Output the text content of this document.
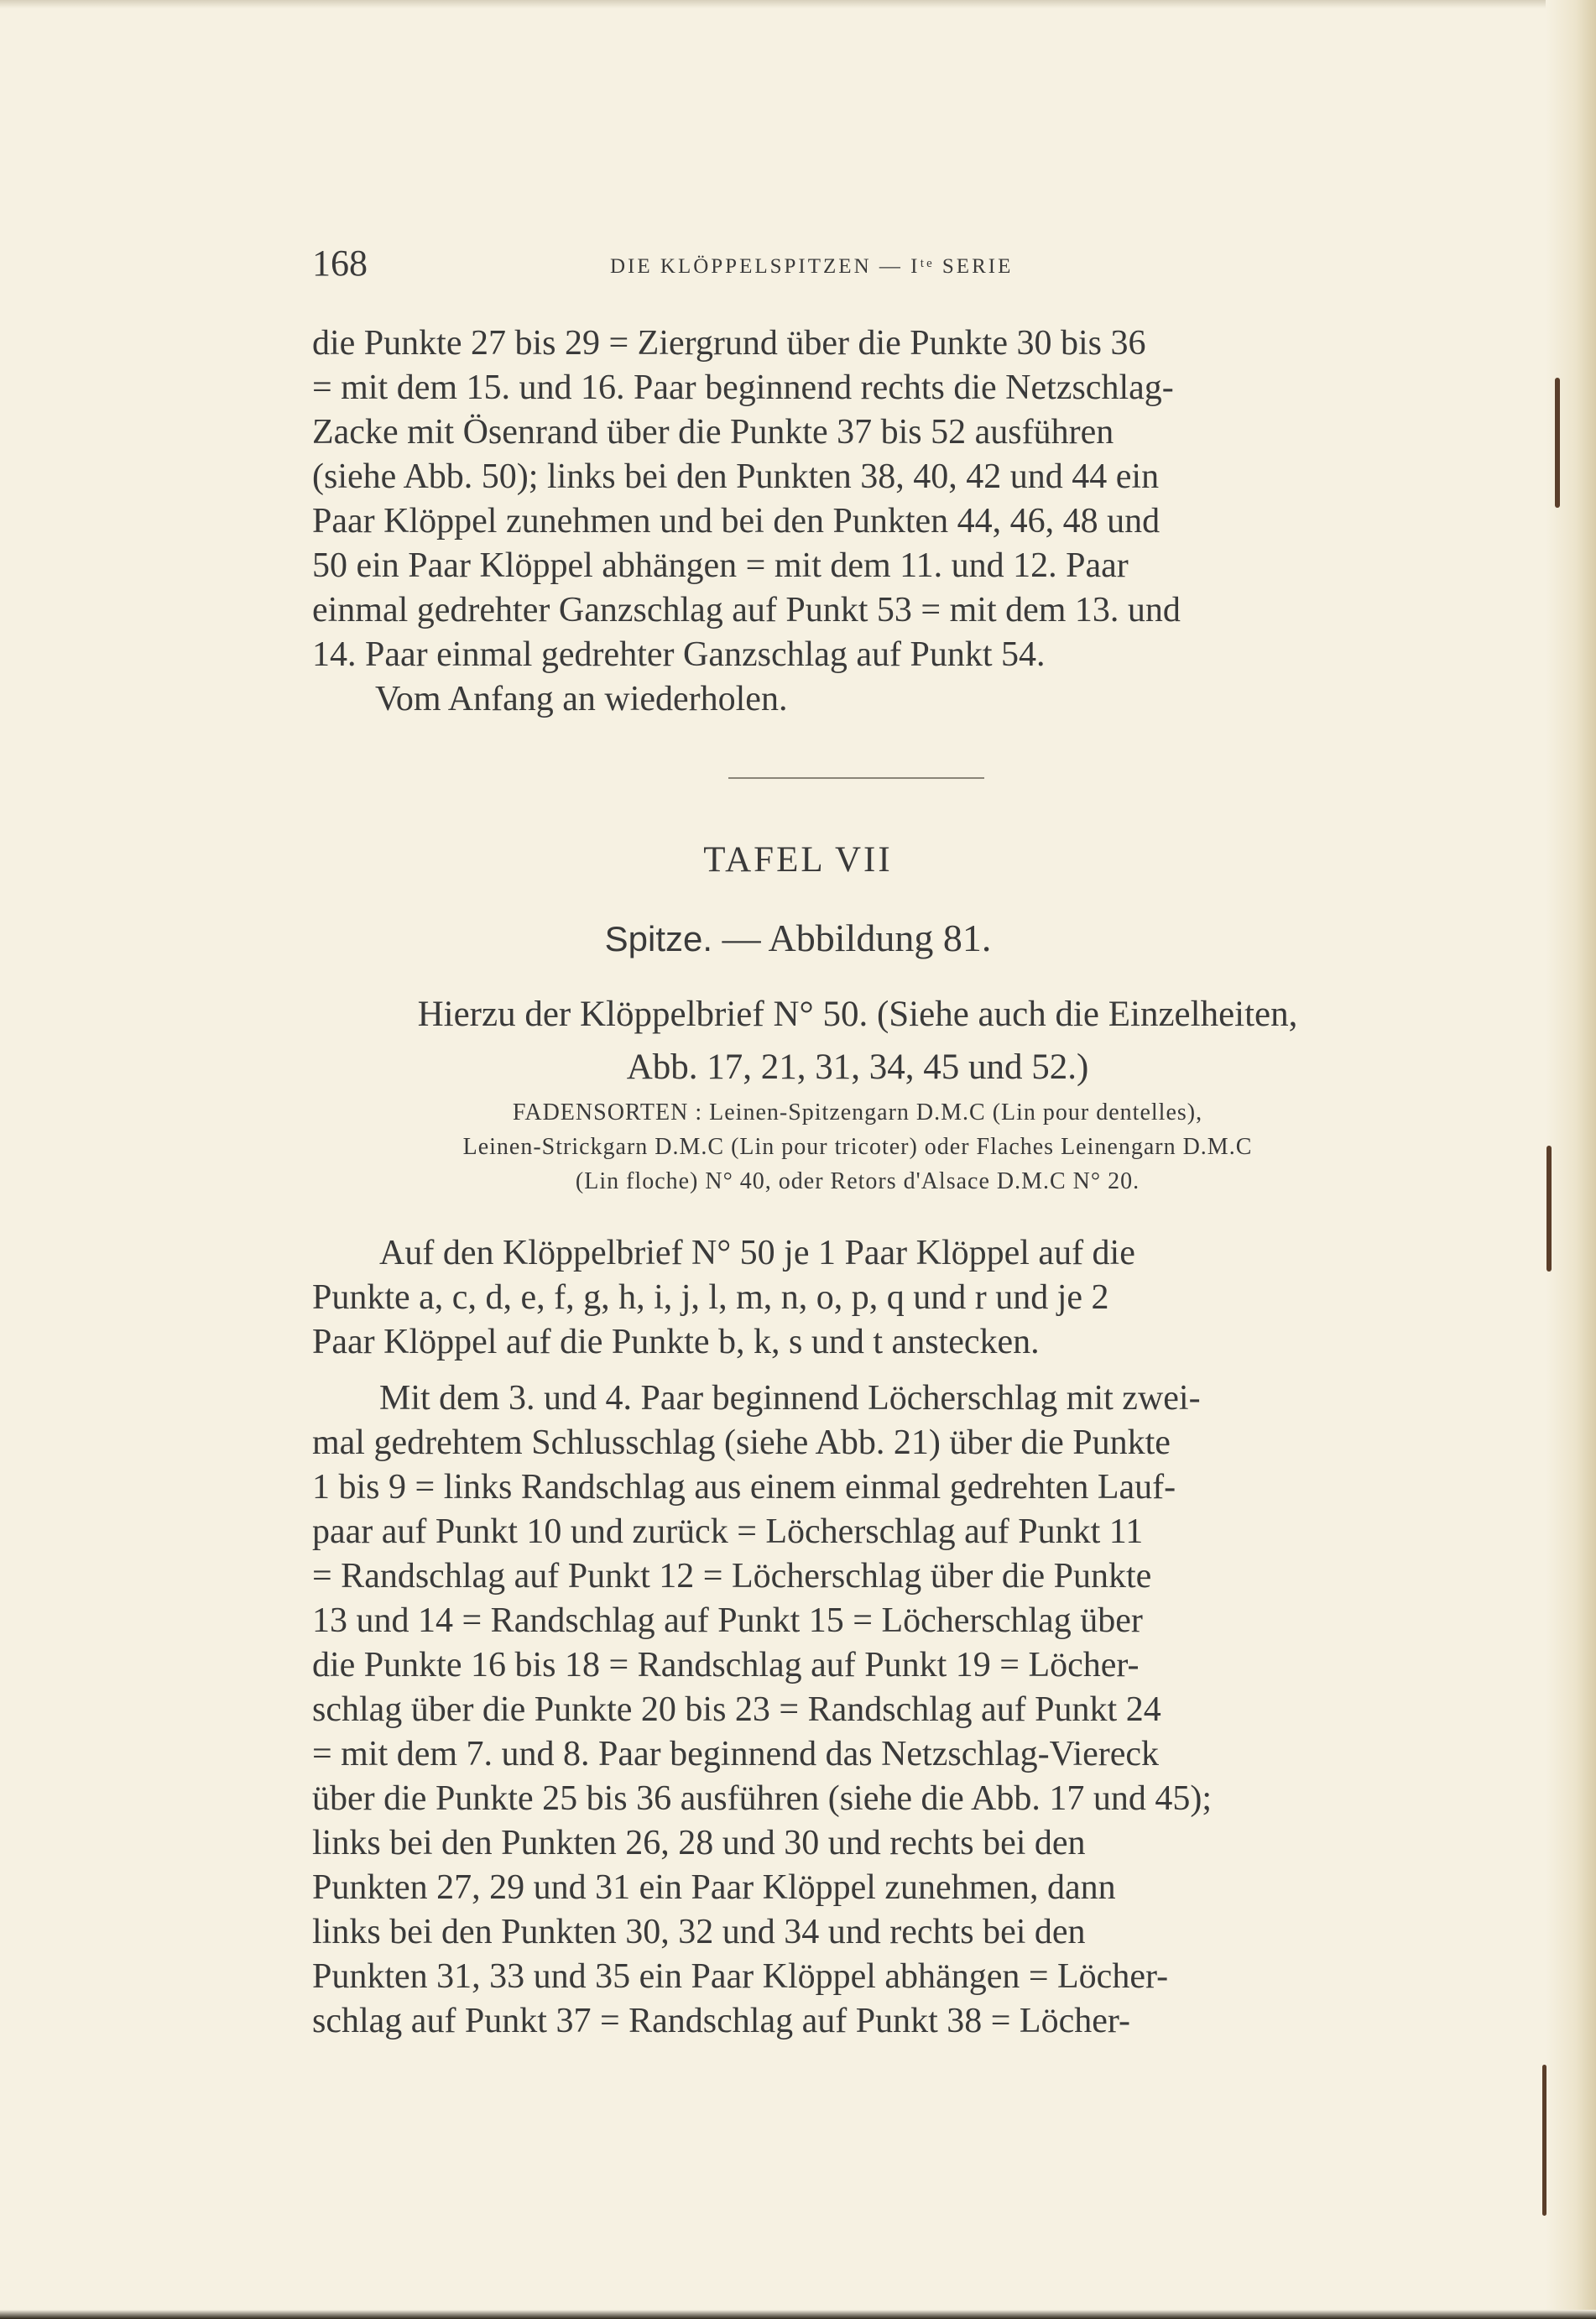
168	DIE KLÖPPELSPITZEN — Iᵗᵉ SERIE
die Punkte 27 bis 29 = Ziergrund über die Punkte 30 bis 36
= mit dem 15. und 16. Paar beginnend rechts die Netzschlag-
Zacke mit Ösenrand über die Punkte 37 bis 52 ausführen
(siehe Abb. 50); links bei den Punkten 38, 40, 42 und 44 ein
Paar Klöppel zunehmen und bei den Punkten 44, 46, 48 und
50 ein Paar Klöppel abhängen = mit dem 11. und 12. Paar
einmal gedrehter Ganzschlag auf Punkt 53 = mit dem 13. und
14. Paar einmal gedrehter Ganzschlag auf Punkt 54.
Vom Anfang an wiederholen.
TAFEL VII
Spitze. — Abbildung 81.
Hierzu der Klöppelbrief N° 50. (Siehe auch die Einzelheiten,
Abb. 17, 21, 31, 34, 45 und 52.)
FADENSORTEN : Leinen-Spitzengarn D.M.C (Lin pour dentelles),
Leinen-Strickgarn D.M.C (Lin pour tricoter) oder Flaches Leinengarn D.M.C
(Lin floche) N° 40, oder Retors d'Alsace D.M.C N° 20.
Auf den Klöppelbrief N° 50 je 1 Paar Klöppel auf die
Punkte a, c, d, e, f, g, h, i, j, l, m, n, o, p, q und r und je 2
Paar Klöppel auf die Punkte b, k, s und t anstecken.
Mit dem 3. und 4. Paar beginnend Löcherschlag mit zwei-
mal gedrehtem Schlusschlag (siehe Abb. 21) über die Punkte
1 bis 9 = links Randschlag aus einem einmal gedrehten Lauf-
paar auf Punkt 10 und zurück = Löcherschlag auf Punkt 11
= Randschlag auf Punkt 12 = Löcherschlag über die Punkte
13 und 14 = Randschlag auf Punkt 15 = Löcherschlag über
die Punkte 16 bis 18 = Randschlag auf Punkt 19 = Löcher-
schlag über die Punkte 20 bis 23 = Randschlag auf Punkt 24
= mit dem 7. und 8. Paar beginnend das Netzschlag-Viereck
über die Punkte 25 bis 36 ausführen (siehe die Abb. 17 und 45);
links bei den Punkten 26, 28 und 30 und rechts bei den
Punkten 27, 29 und 31 ein Paar Klöppel zunehmen, dann
links bei den Punkten 30, 32 und 34 und rechts bei den
Punkten 31, 33 und 35 ein Paar Klöppel abhängen = Löcher-
schlag auf Punkt 37 = Randschlag auf Punkt 38 = Löcher-
